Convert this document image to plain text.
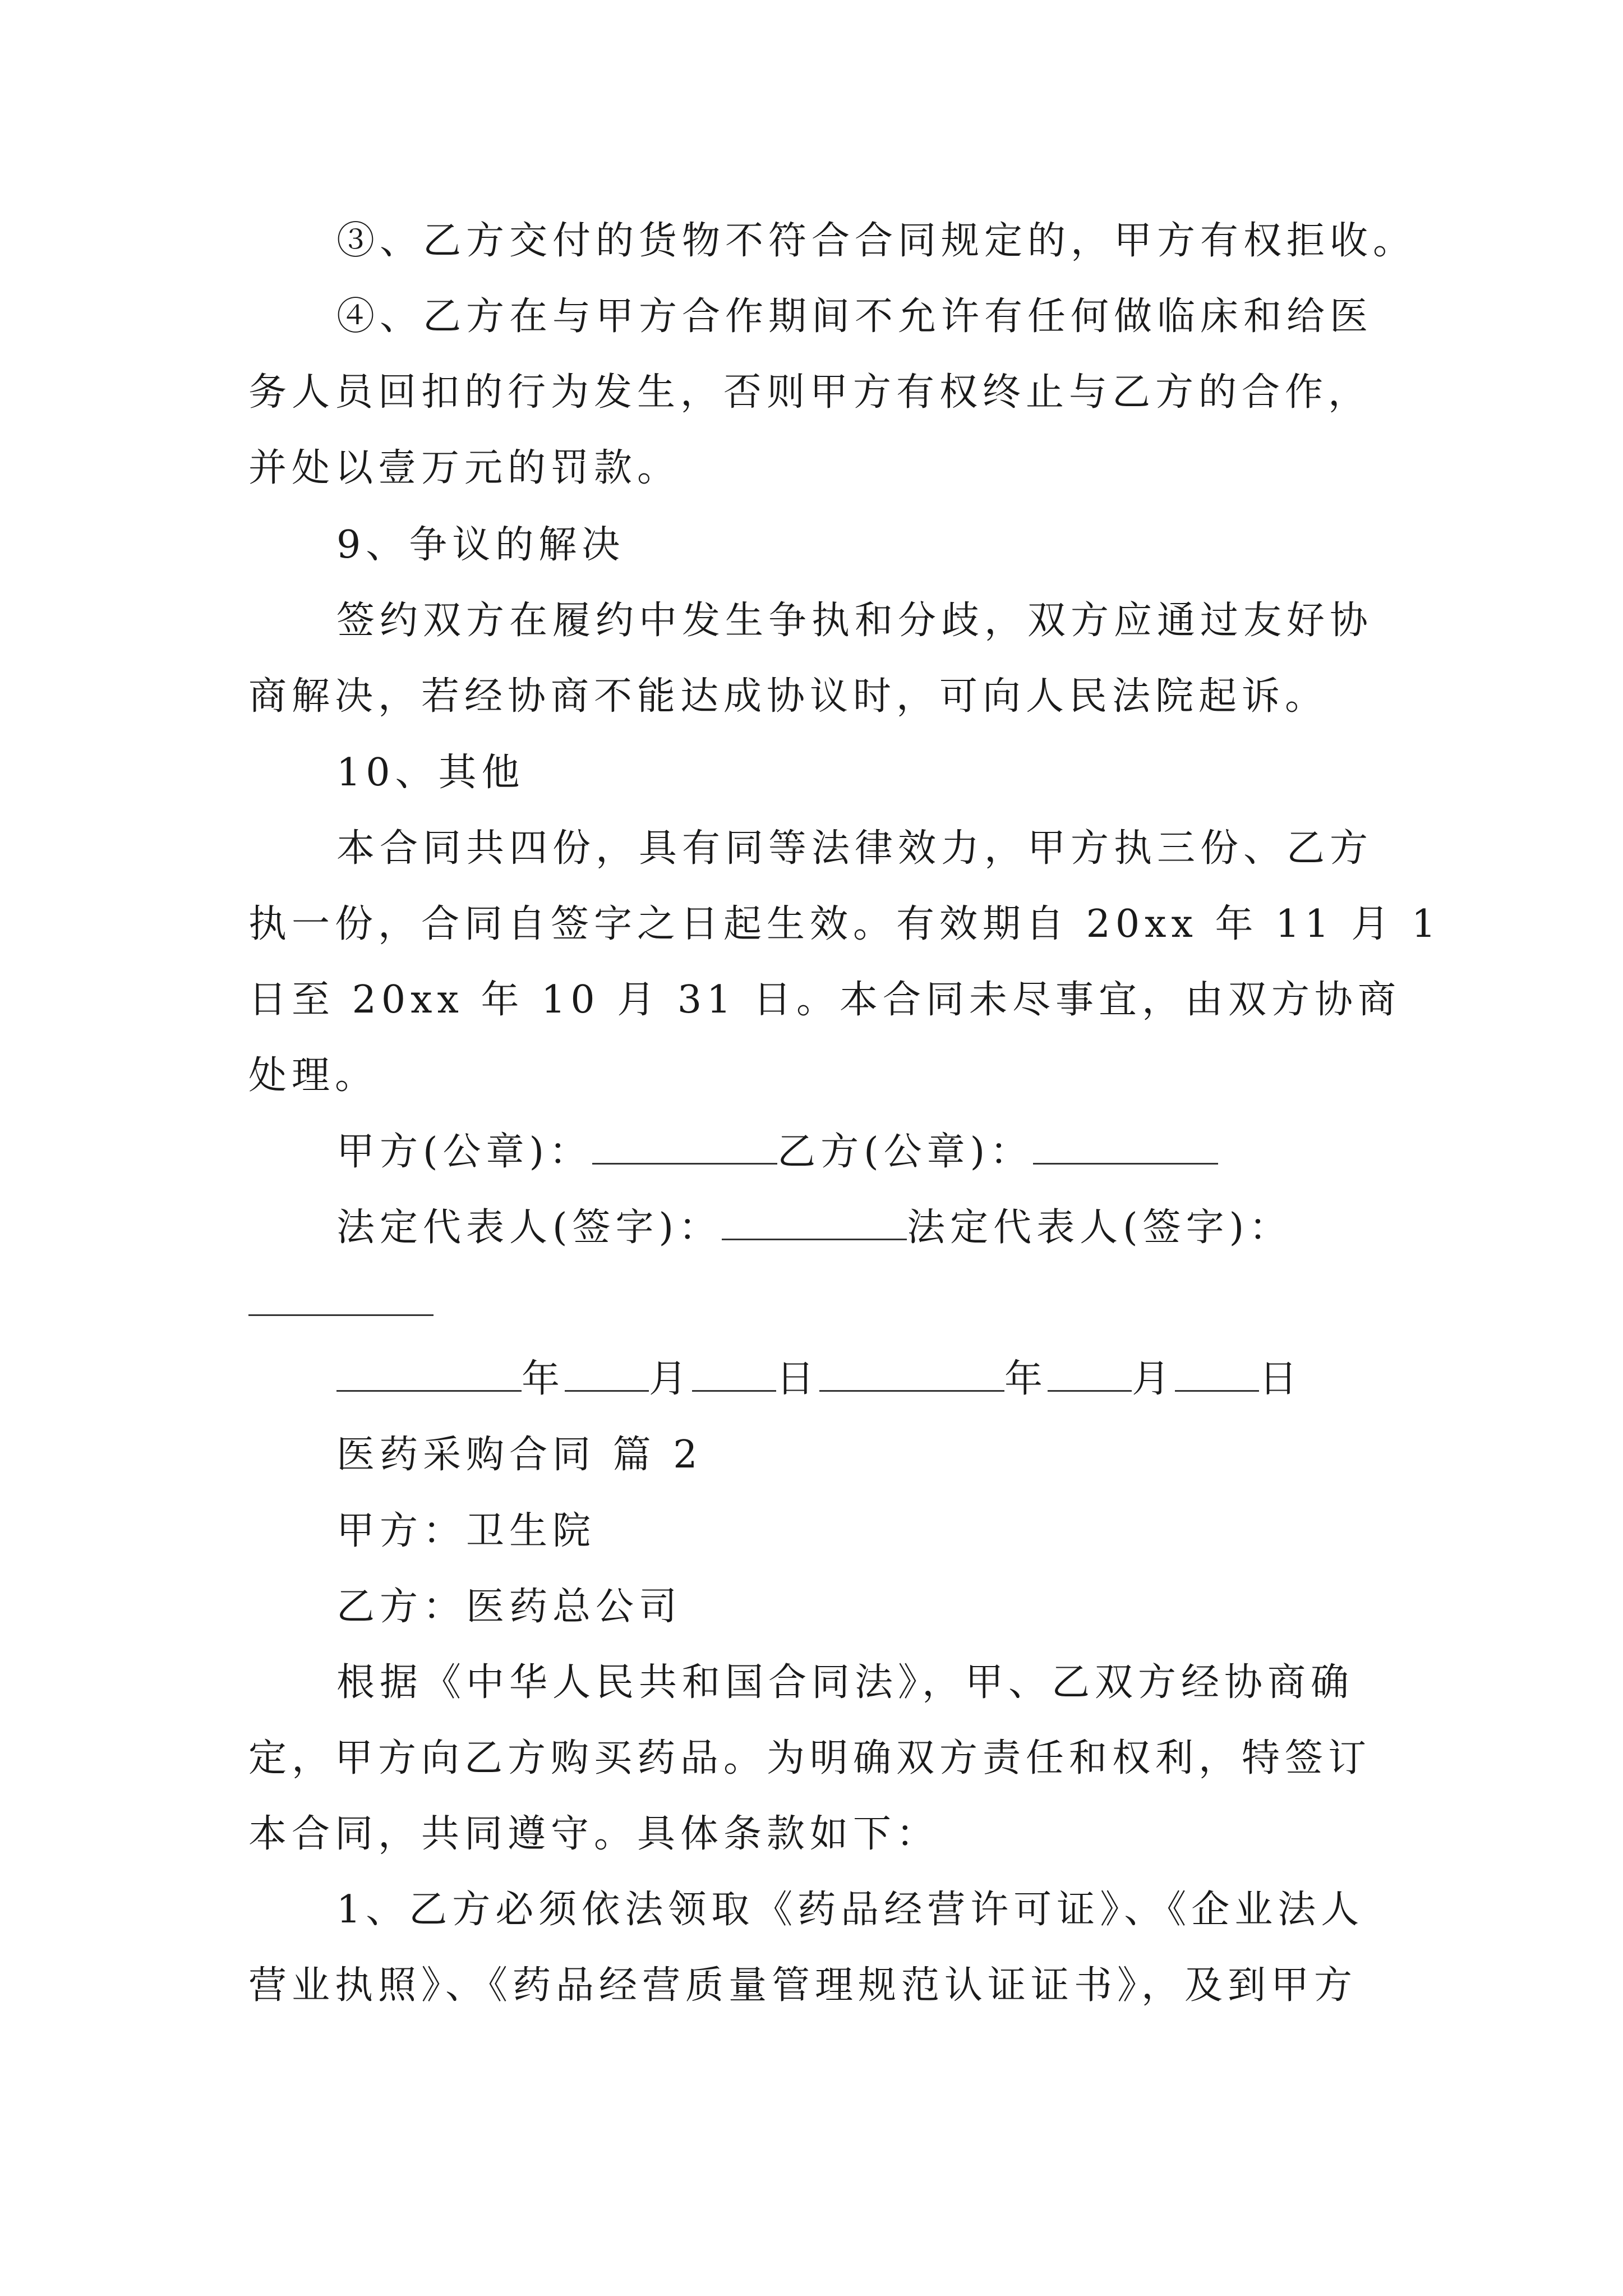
③、乙方交付的货物不符合合同规定的，甲方有权拒收。
④、乙方在与甲方合作期间不允许有任何做临床和给医
务人员回扣的行为发生，否则甲方有权终止与乙方的合作，
并处以壹万元的罚款。
9、争议的解决
签约双方在履约中发生争执和分歧，双方应通过友好协
商解决，若经协商不能达成协议时，可向人民法院起诉。
10、其他
本合同共四份，具有同等法律效力，甲方执三份、乙方
执一份，合同自签字之日起生效。有效期自 20xx 年 11 月 1
日至 20xx 年 10 月 31 日。本合同未尽事宜，由双方协商
处理。
甲方(公章)：	乙方(公章)：
法定代表人(签字)：	法定代表人(签字)：
年 月 日	年 月 日
医药采购合同 篇 2
甲方：卫生院
乙方：医药总公司
根据《中华人民共和国合同法》，甲、乙双方经协商确
定，甲方向乙方购买药品。为明确双方责任和权利，特签订
本合同，共同遵守。具体条款如下：
1、乙方必须依法领取《药品经营许可证》、《企业法人
营业执照》、《药品经营质量管理规范认证证书》，及到甲方
